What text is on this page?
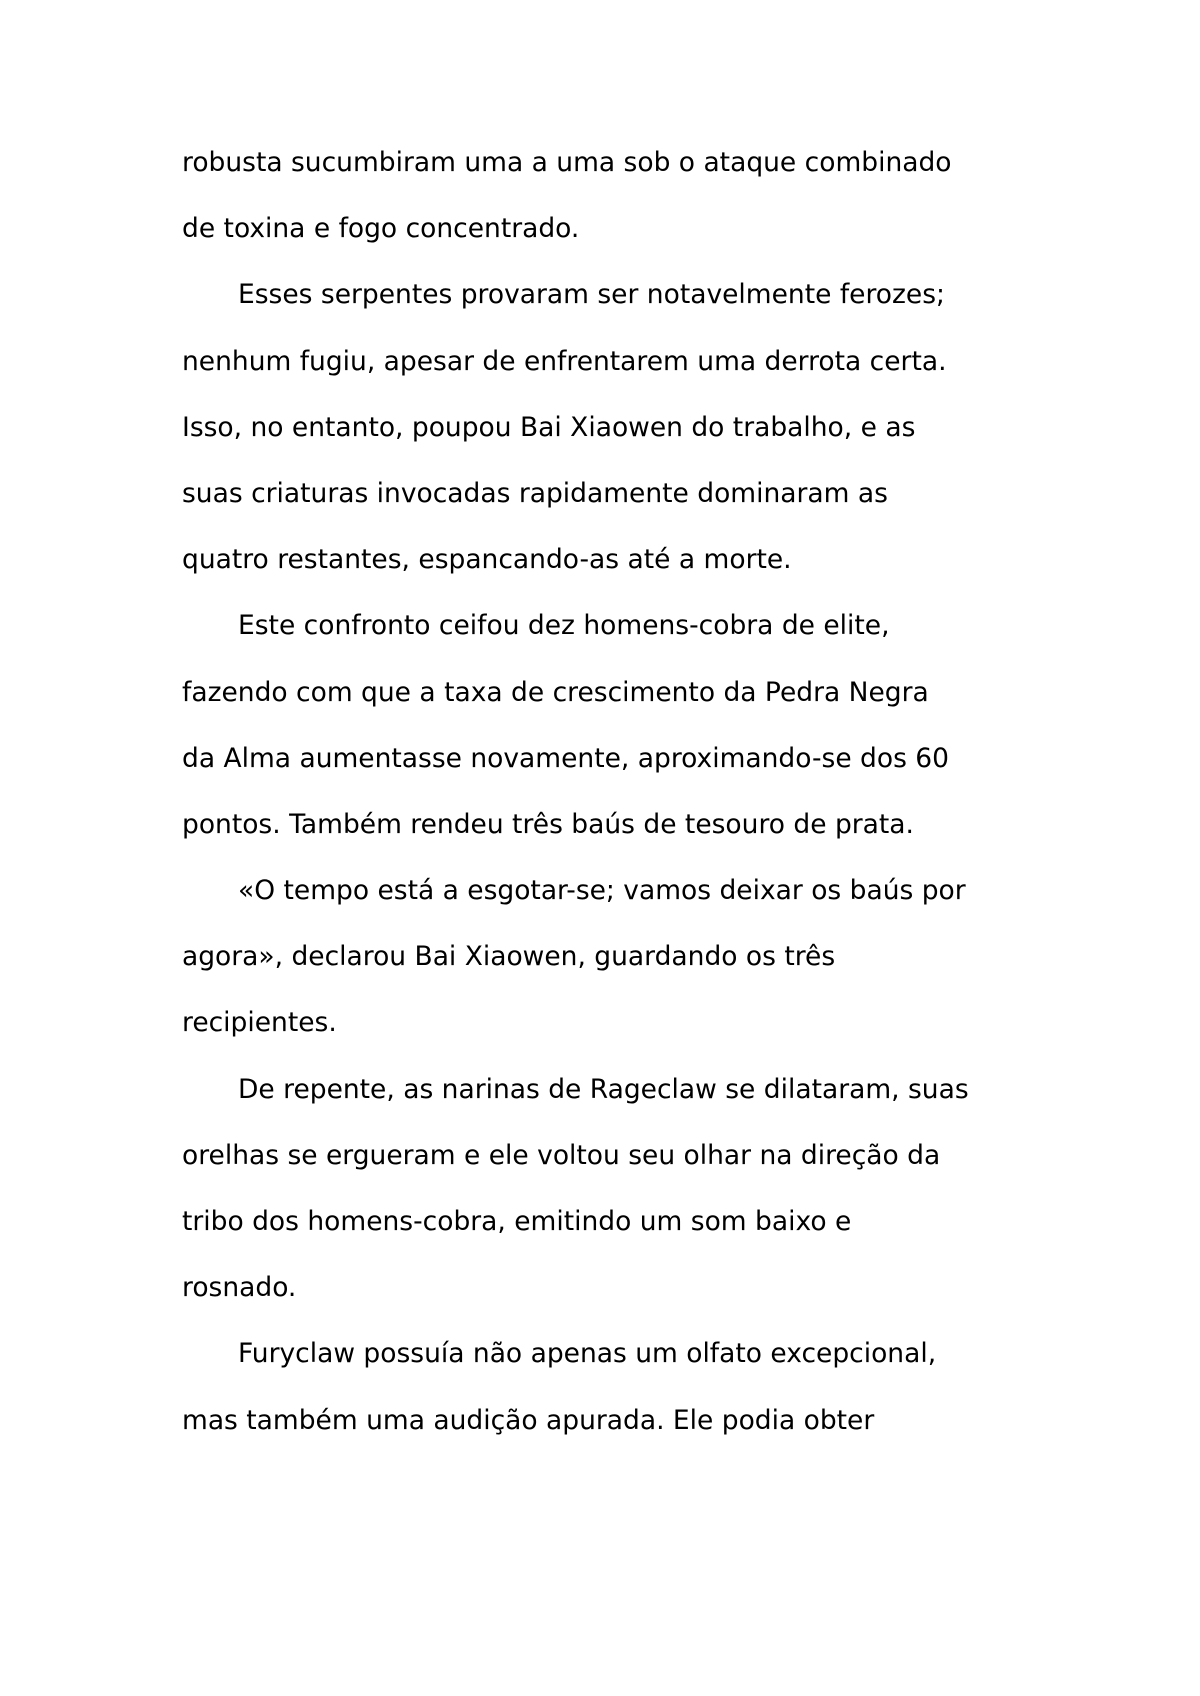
robusta sucumbiram uma a uma sob o ataque combinado
de toxina e fogo concentrado.
Esses serpentes provaram ser notavelmente ferozes;
nenhum fugiu, apesar de enfrentarem uma derrota certa.
Isso, no entanto, poupou Bai Xiaowen do trabalho, e as
suas criaturas invocadas rapidamente dominaram as
quatro restantes, espancando-as até a morte.
Este confronto ceifou dez homens-cobra de elite,
fazendo com que a taxa de crescimento da Pedra Negra
da Alma aumentasse novamente, aproximando-se dos 60
pontos. Também rendeu três baús de tesouro de prata.
«O tempo está a esgotar-se; vamos deixar os baús por
agora», declarou Bai Xiaowen, guardando os três
recipientes.
De repente, as narinas de Rageclaw se dilataram, suas
orelhas se ergueram e ele voltou seu olhar na direção da
tribo dos homens-cobra, emitindo um som baixo e
rosnado.
Furyclaw possuía não apenas um olfato excepcional,
mas também uma audição apurada. Ele podia obter
